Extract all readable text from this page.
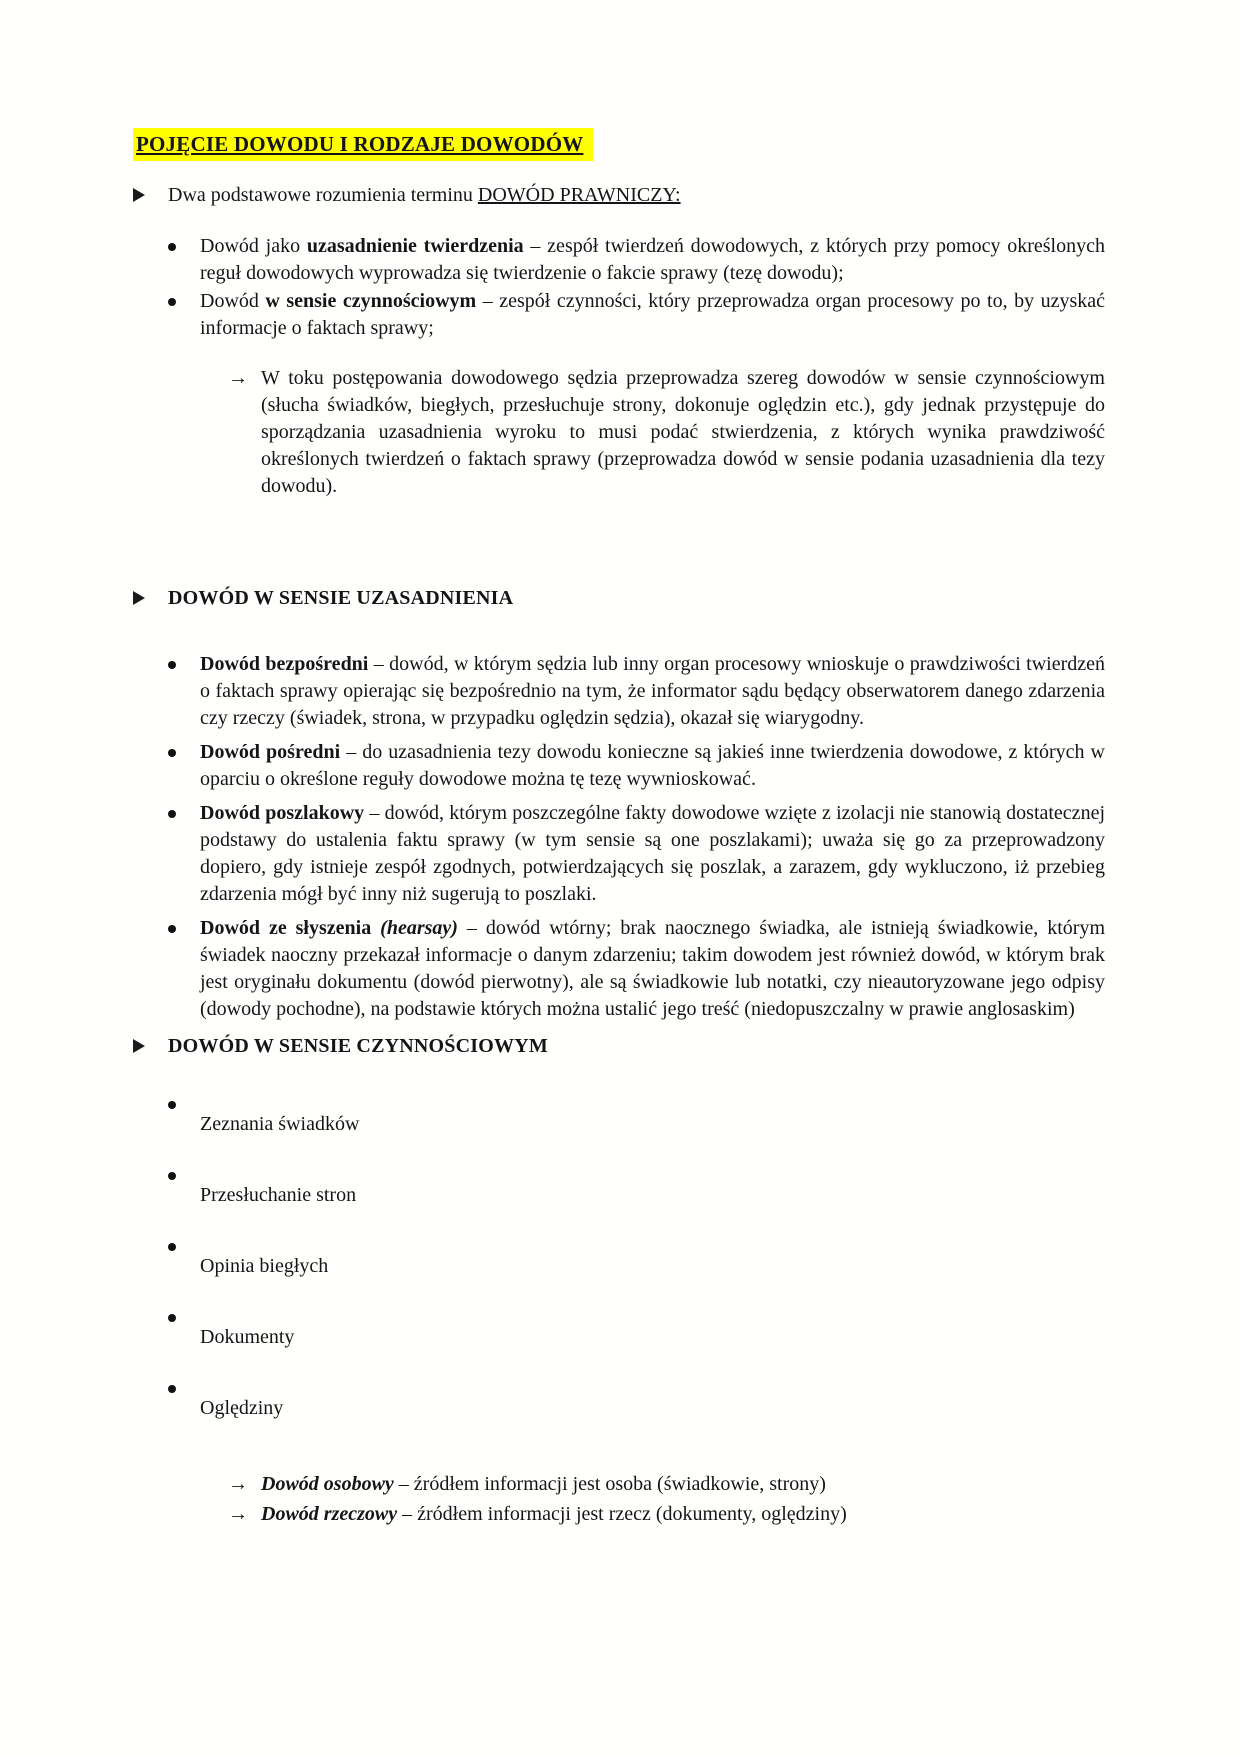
POJĘCIE DOWODU I RODZAJE DOWODÓW
Dwa podstawowe rozumienia terminu DOWÓD PRAWNICZY:

Dowód jako uzasadnienie twierdzenia – zespół twierdzeń dowodowych, z których przy pomocy określonych reguł dowodowych wyprowadza się twierdzenie o fakcie sprawy (tezę dowodu);

Dowód w sensie czynnościowym – zespół czynności, który przeprowadza organ procesowy po to, by uzyskać informacje o faktach sprawy;

→ W toku postępowania dowodowego sędzia przeprowadza szereg dowodów w sensie czynnościowym (słucha świadków, biegłych, przesłuchuje strony, dokonuje oględzin etc.), gdy jednak przystępuje do sporządzania uzasadnienia wyroku to musi podać stwierdzenia, z których wynika prawdziwość określonych twierdzeń o faktach sprawy (przeprowadza dowód w sensie podania uzasadnienia dla tezy dowodu).

DOWÓD W SENSIE UZASADNIENIA

Dowód bezpośredni – dowód, w którym sędzia lub inny organ procesowy wnioskuje o prawdziwości twierdzeń o faktach sprawy opierając się bezpośrednio na tym, że informator sądu będący obserwatorem danego zdarzenia czy rzeczy (świadek, strona, w przypadku oględzin sędzia), okazał się wiarygodny.

Dowód pośredni – do uzasadnienia tezy dowodu konieczne są jakieś inne twierdzenia dowodowe, z których w oparciu o określone reguły dowodowe można tę tezę wywnioskować.

Dowód poszlakowy – dowód, którym poszczególne fakty dowodowe wzięte z izolacji nie stanowią dostatecznej podstawy do ustalenia faktu sprawy (w tym sensie są one poszlakami); uważa się go za przeprowadzony dopiero, gdy istnieje zespół zgodnych, potwierdzających się poszlak, a zarazem, gdy wykluczono, iż przebieg zdarzenia mógł być inny niż sugerują to poszlaki.

Dowód ze słyszenia (hearsay) – dowód wtórny; brak naocznego świadka, ale istnieją świadkowie, którym świadek naoczny przekazał informacje o danym zdarzeniu; takim dowodem jest również dowód, w którym brak jest oryginału dokumentu (dowód pierwotny), ale są świadkowie lub notatki, czy nieautoryzowane jego odpisy (dowody pochodne), na podstawie których można ustalić jego treść (niedopuszczalny w prawie anglosaskim)

DOWÓD W SENSIE CZYNNOŚCIOWYM

Zeznania świadków

Przesłuchanie stron

Opinia biegłych

Dokumenty

Oględziny

→ Dowód osobowy – źródłem informacji jest osoba (świadkowie, strony)

→ Dowód rzeczowy – źródłem informacji jest rzecz (dokumenty, oględziny)
